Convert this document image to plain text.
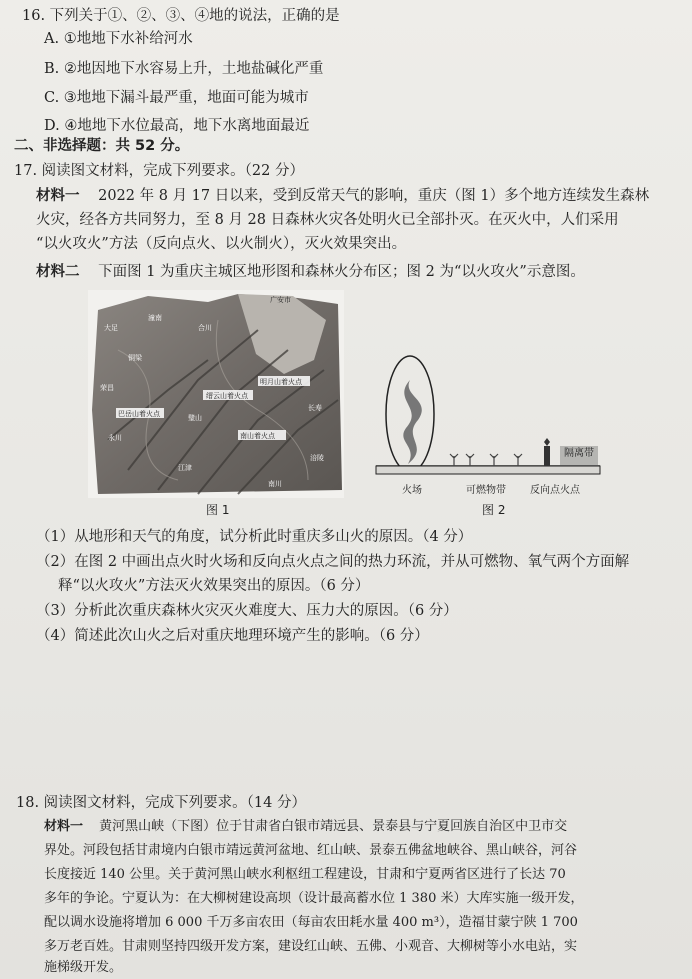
16. 下列关于①、②、③、④地的说法，正确的是
A. ①地地下水补给河水
B. ②地因地下水容易上升，土地盐碱化严重
C. ③地地下漏斗最严重，地面可能为城市
D. ④地地下水位最高，地下水离地面最近
二、非选择题：共 52 分。
17. 阅读图文材料，完成下列要求。（22 分）
材料一 2022 年 8 月 17 日以来，受到反常天气的影响，重庆（图 1）多个地方连续发生森林
火灾，经各方共同努力，至 8 月 28 日森林火灾各处明火已全部扑灭。在灭火中，人们采用
“以火攻火”方法（反向点火、以火制火），灭火效果突出。
材料二 下面图 1 为重庆主城区地形图和森林火分布区；图 2 为“以火攻火”示意图。
缙云山着火点
巴岳山着火点
南山着火点
明月山着火点
广安市
永川
铜梁
璧山
江津
荣昌
大足
潼南
合川
长寿
涪陵
南川
图 1
隔离带
火场	可燃物带 反向点火点
图 2
（1）从地形和天气的角度，试分析此时重庆多山火的原因。（4 分）
（2）在图 2 中画出点火时火场和反向点火点之间的热力环流，并从可燃物、氧气两个方面解
释“以火攻火”方法灭火效果突出的原因。（6 分）
（3）分析此次重庆森林火灾灭火难度大、压力大的原因。（6 分）
（4）简述此次山火之后对重庆地理环境产生的影响。（6 分）
18. 阅读图文材料，完成下列要求。（14 分）
材料一 黄河黑山峡（下图）位于甘肃省白银市靖远县、景泰县与宁夏回族自治区中卫市交
界处。河段包括甘肃境内白银市靖远黄河盆地、红山峡、景泰五佛盆地峡谷、黑山峡谷，河谷
长度接近 140 公里。关于黄河黑山峡水利枢纽工程建设，甘肃和宁夏两省区进行了长达 70
多年的争论。宁夏认为：在大柳树建设高坝（设计最高蓄水位 1 380 米）大库实施一级开发，
配以调水设施将增加 6 000 千万多亩农田（每亩农田耗水量 400 m³），造福甘蒙宁陕 1 700
多万老百姓。甘肃则坚持四级开发方案，建设红山峡、五佛、小观音、大柳树等小水电站，实
施梯级开发。
